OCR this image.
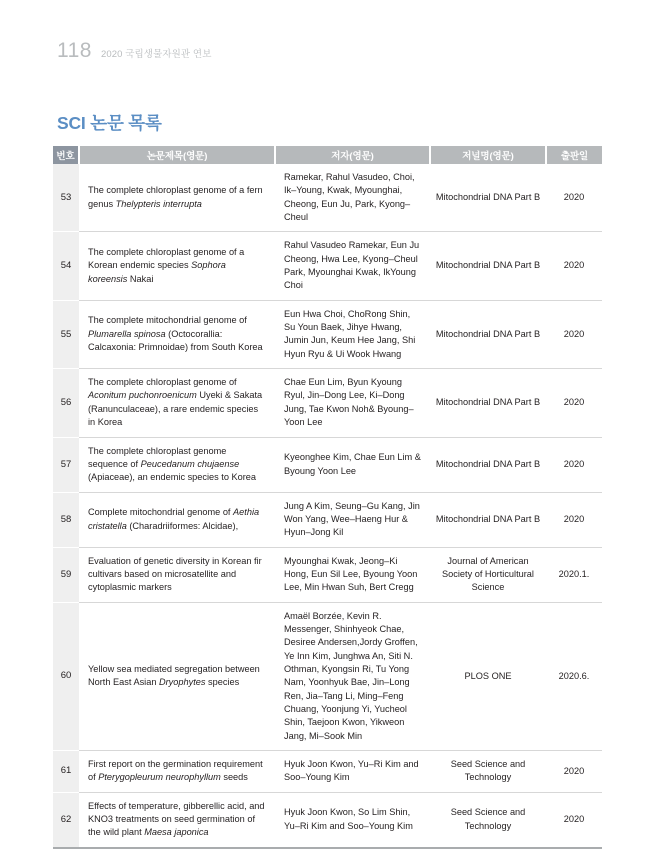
118 2020 국립생물자원관 연보
SCI 논문 목록
번호	논문제목(영문)	저자(영문)	저널명(영문)	출판일
53	The complete chloroplast genome of a fern genus Thelypteris interrupta	Ramekar, Rahul Vasudeo, Choi, Ik–Young, Kwak, Myounghai, Cheong, Eun Ju, Park, Kyong–Cheul	Mitochondrial DNA Part B	2020
54	The complete chloroplast genome of a Korean endemic species Sophora koreensis Nakai	Rahul Vasudeo Ramekar, Eun Ju Cheong, Hwa Lee, Kyong–Cheul Park, Myounghai Kwak, IkYoung Choi	Mitochondrial DNA Part B	2020
55	The complete mitochondrial genome of Plumarella spinosa (Octocorallia: Calcaxonia: Primnoidae) from South Korea	Eun Hwa Choi, ChoRong Shin, Su Youn Baek, Jihye Hwang, Jumin Jun, Keum Hee Jang, Shi Hyun Ryu & Ui Wook Hwang	Mitochondrial DNA Part B	2020
56	The complete chloroplast genome of Aconitum puchonroenicum Uyeki & Sakata (Ranunculaceae), a rare endemic species in Korea	Chae Eun Lim, Byun Kyoung Ryul, Jin–Dong Lee, Ki–Dong Jung, Tae Kwon Noh& Byoung–Yoon Lee	Mitochondrial DNA Part B	2020
57	The complete chloroplast genome sequence of Peucedanum chujaense (Apiaceae), an endemic species to Korea	Kyeonghee Kim, Chae Eun Lim & Byoung Yoon Lee	Mitochondrial DNA Part B	2020
58	Complete mitochondrial genome of Aethia cristatella (Charadriiformes: Alcidae),	Jung A Kim, Seung–Gu Kang, Jin Won Yang, Wee–Haeng Hur & Hyun–Jong Kil	Mitochondrial DNA Part B	2020
59	Evaluation of genetic diversity in Korean fir cultivars based on microsatellite and cytoplasmic markers	Myounghai Kwak, Jeong–Ki Hong, Eun Sil Lee, Byoung Yoon Lee, Min Hwan Suh, Bert Cregg	Journal of American Society of Horticultural Science	2020.1.
60	Yellow sea mediated segregation between North East Asian Dryophytes species	Amaël Borzée, Kevin R. Messenger, Shinhyeok Chae, Desiree Andersen,Jordy Groffen, Ye Inn Kim, Junghwa An, Siti N. Othman, Kyongsin Ri, Tu Yong Nam, Yoonhyuk Bae, Jin–Long Ren, Jia–Tang Li, Ming–Feng Chuang, Yoonjung Yi, Yucheol Shin, Taejoon Kwon, Yikweon Jang, Mi–Sook Min	PLOS ONE	2020.6.
61	First report on the germination requirement of Pterygopleurum neurophyllum seeds	Hyuk Joon Kwon, Yu–Ri Kim and Soo–Young Kim	Seed Science and Technology	2020
62	Effects of temperature, gibberellic acid, and KNO3 treatments on seed germination of the wild plant Maesa japonica	Hyuk Joon Kwon, So Lim Shin, Yu–Ri Kim and Soo–Young Kim	Seed Science and Technology	2020
